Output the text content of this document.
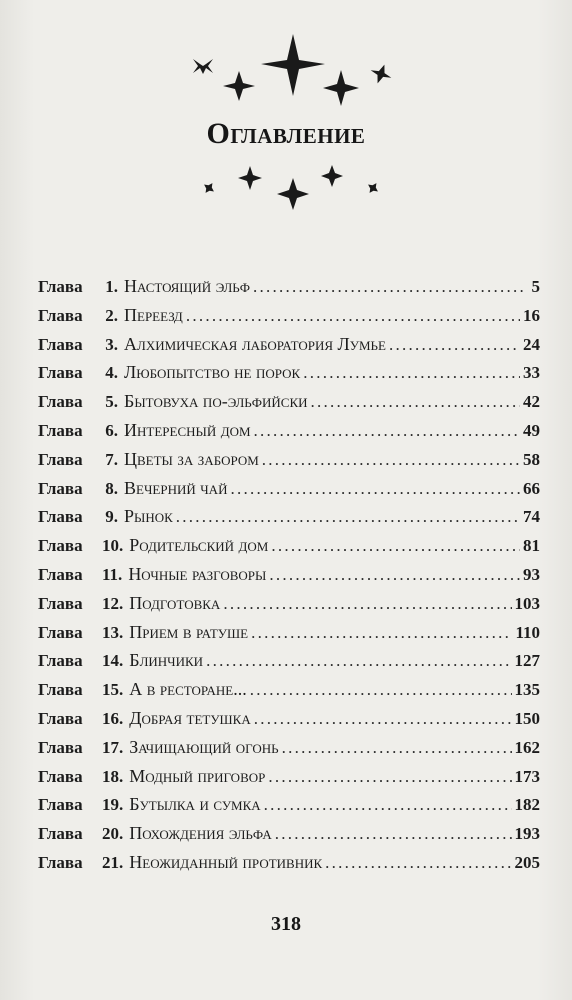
Оглавление
Глава	1. Настоящий эльф . . .	5
Глава	2. Переезд . . .	16
Глава	3. Алхимическая лаборатория Лумье . . .	24
Глава	4. Любопытство не порок . . .	33
Глава	5. Бытовуха по-эльфийски . . .	42
Глава	6. Интересный дом . . .	49
Глава	7. Цветы за забором . . .	58
Глава	8. Вечерний чай . . .	66
Глава	9. Рынок . . .	74
Глава	10. Родительский дом . . .	81
Глава	11. Ночные разговоры . . .	93
Глава	12. Подготовка . . .	103
Глава	13. Прием в ратуше . . .	110
Глава	14. Блинчики . . .	127
Глава	15. А в ресторане... . . .	135
Глава	16. Добрая тетушка . . .	150
Глава	17. Зачищающий огонь . . .	162
Глава	18. Модный приговор . . .	173
Глава	19. Бутылка и сумка . . .	182
Глава	20. Похождения эльфа . . .	193
Глава	21. Неожиданный противник . . .	205
318
